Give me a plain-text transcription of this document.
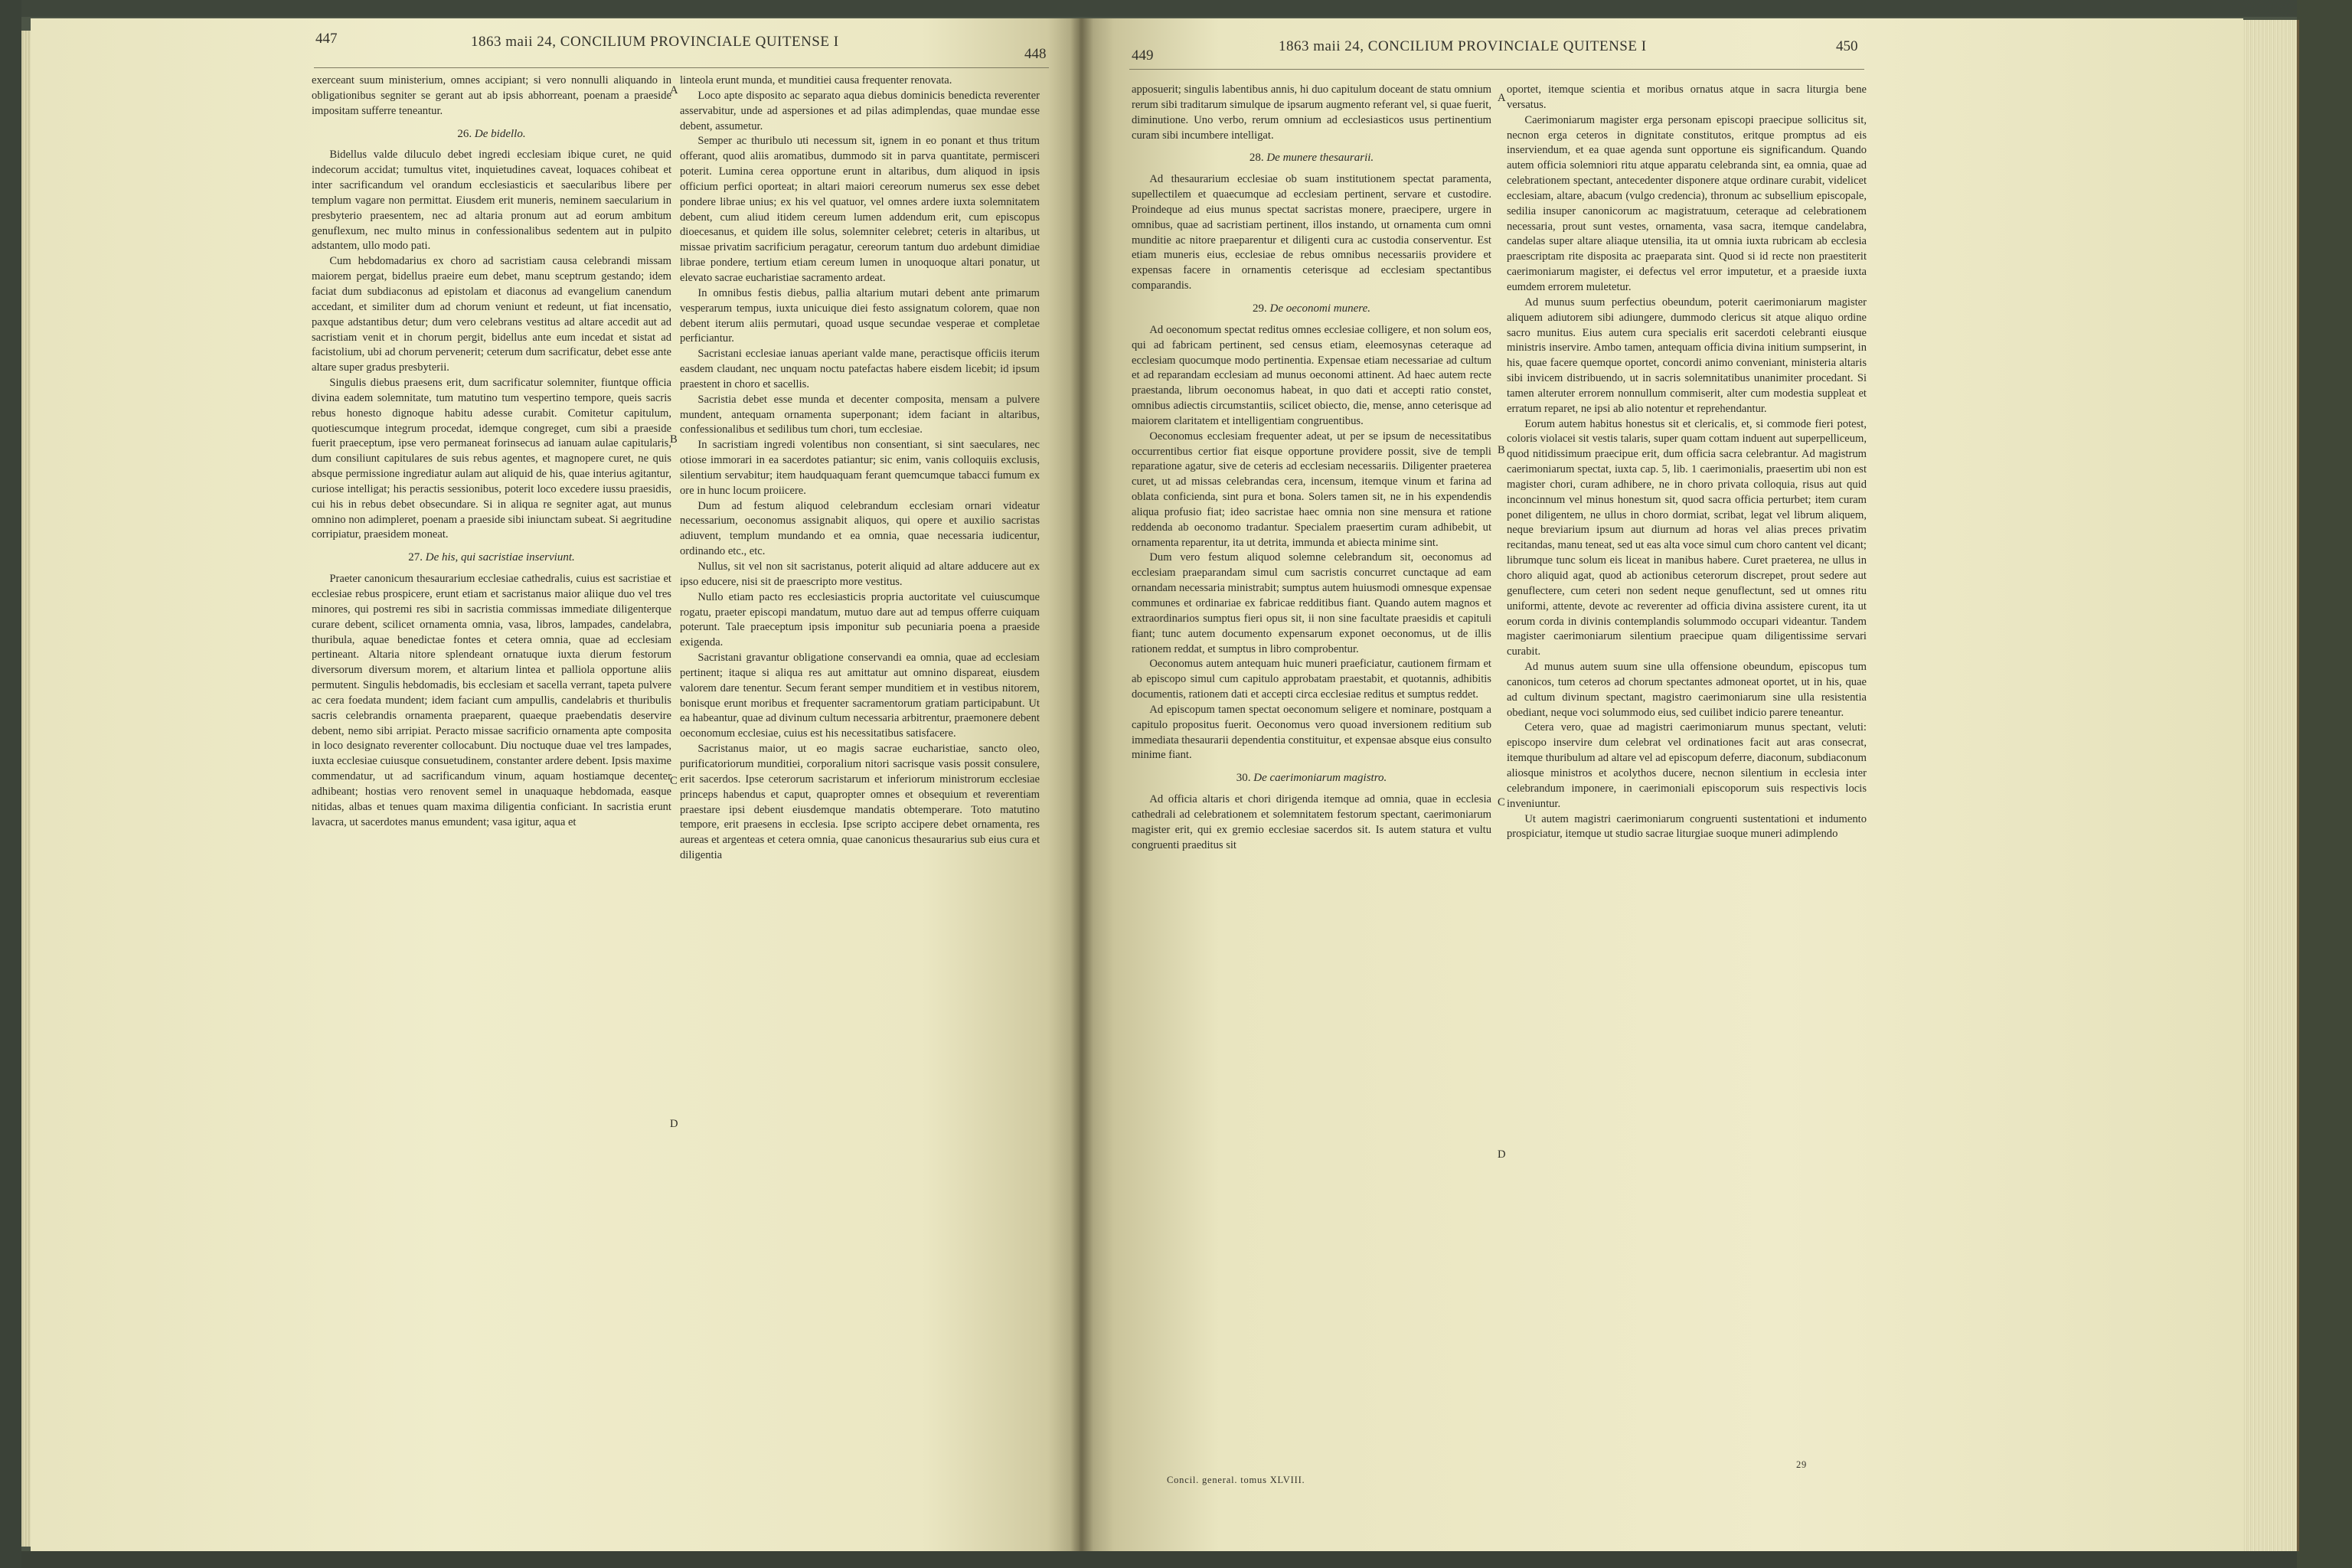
447
448
1863 maii 24, CONCILIUM PROVINCIALE QUITENSE I

exerceant suum ministerium, omnes accipiant; si vero nonnulli aliquando in obligationibus segniter se gerant aut ab ipsis abhorreant, poenam a praeside impositam sufferre teneantur.

26. De bidello.

Bidellus valde diluculo debet ingredi ecclesiam ibique curet, ne quid indecorum accidat; tumultus vitet, inquietudines caveat, loquaces cohibeat et inter sacrificandum vel orandum ecclesiasticis et saecularibus libere per templum vagare non permittat. Eiusdem erit muneris, neminem saecularium in presbyterio praesentem, nec ad altaria pronum aut ad eorum ambitum genuflexum, nec multo minus in confessionalibus sedentem aut in pulpito adstantem, ullo modo pati.

Cum hebdomadarius ex choro ad sacristiam causa celebrandi missam maiorem pergat, bidellus praeire eum debet, manu sceptrum gestando; idem faciat dum subdiaconus ad epistolam et diaconus ad evangelium canendum accedant, et similiter dum ad chorum veniunt et redeunt, ut fiat incensatio, paxque adstantibus detur; dum vero celebrans vestitus ad altare accedit aut ad sacristiam venit et in chorum pergit, bidellus ante eum incedat et sistat ad facistolium, ubi ad chorum pervenerit; ceterum dum sacrificatur, debet esse ante altare super gradus presbyterii.

Singulis diebus praesens erit, dum sacrificatur solemniter, fiuntque officia divina eadem solemnitate, tum matutino tum vespertino tempore, queis sacris rebus honesto dignoque habitu adesse curabit. Comitetur capitulum, quotiescumque integrum procedat, idemque congreget, cum sibi a praeside fuerit praeceptum, ipse vero permaneat forinsecus ad ianuam aulae capitularis, dum consiliunt capitulares de suis rebus agentes, et magnopere curet, ne quis absque permissione ingrediatur aulam aut aliquid de his, quae interius agitantur, curiose intelligat; his peractis sessionibus, poterit loco excedere iussu praesidis, cui his in rebus debet obsecundare. Si in aliqua re segniter agat, aut munus omnino non adimpleret, poenam a praeside sibi iniunctam subeat. Si aegritudine corripiatur, praesidem moneat.

27. De his, qui sacristiae inserviunt.

Praeter canonicum thesaurarium ecclesiae cathedralis, cuius est sacristiae et ecclesiae rebus prospicere, erunt etiam et sacristanus maior aliique duo vel tres minores, qui postremi res sibi in sacristia commissas immediate diligenterque curare debent, scilicet ornamenta omnia, vasa, libros, lampades, candelabra, thuribula, aquae benedictae fontes et cetera omnia, quae ad ecclesiam pertineant. Altaria nitore splendeant ornatuque iuxta dierum festorum diversorum diversum morem, et altarium lintea et palliola opportune aliis permutent. Singulis hebdomadis, bis ecclesiam et sacella verrant, tapeta pulvere ac cera foedata mundent; idem faciant cum ampullis, candelabris et thuribulis sacris celebrandis ornamenta praeparent, quaeque praebendatis deservire debent, nemo sibi arripiat. Peracto missae sacrificio ornamenta apte composita in loco designato reverenter collocabunt. Diu noctuque duae vel tres lampades, iuxta ecclesiae cuiusque consuetudinem, constanter ardere debent. Ipsis maxime commendatur, ut ad sacrificandum vinum, aquam hostiamque decenter adhibeant; hostias vero renovent semel in unaquaque hebdomada, easque nitidas, albas et tenues quam maxima diligentia conficiant. In sacristia erunt lavacra, ut sacerdotes manus emundent; vasa igitur, aqua et

linteola erunt munda, et munditiei causa frequenter renovata.

Loco apte disposito ac separato aqua diebus dominicis benedicta reverenter asservabitur, unde ad aspersiones et ad pilas adimplendas, quae mundae esse debent, assumetur.

Semper ac thuribulo uti necessum sit, ignem in eo ponant et thus tritum offerant, quod aliis aromatibus, dummodo sit in parva quantitate, permisceri poterit. Lumina cerea opportune erunt in altaribus, dum aliquod in ipsis officium perfici oporteat; in altari maiori cereorum numerus sex esse debet pondere librae unius; ex his vel quatuor, vel omnes ardere iuxta solemnitatem debent, cum aliud itidem cereum lumen addendum erit, cum episcopus dioecesanus, et quidem ille solus, solemniter celebret; ceteris in altaribus, ut missae privatim sacrificium peragatur, cereorum tantum duo ardebunt dimidiae librae pondere, tertium etiam cereum lumen in unoquoque altari ponatur, ut elevato sacrae eucharistiae sacramento ardeat.

In omnibus festis diebus, pallia altarium mutari debent ante primarum vesperarum tempus, iuxta unicuique diei festo assignatum colorem, quae non debent iterum aliis permutari, quoad usque secundae vesperae et completae perficiantur.

Sacristani ecclesiae ianuas aperiant valde mane, peractisque officiis iterum easdem claudant, nec unquam noctu patefactas habere eisdem licebit; id ipsum praestent in choro et sacellis.

Sacristia debet esse munda et decenter composita, mensam a pulvere mundent, antequam ornamenta superponant; idem faciant in altaribus, confessionalibus et sedilibus tum chori, tum ecclesiae.

In sacristiam ingredi volentibus non consentiant, si sint saeculares, nec otiose immorari in ea sacerdotes patiantur; sic enim, vanis colloquiis exclusis, silentium servabitur; item haudquaquam ferant quemcumque tabacci fumum ex ore in hunc locum proiicere.

Dum ad festum aliquod celebrandum ecclesiam ornari videatur necessarium, oeconomus assignabit aliquos, qui opere et auxilio sacristas adiuvent, templum mundando et ea omnia, quae necessaria iudicentur, ordinando etc., etc.

Nullus, sit vel non sit sacristanus, poterit aliquid ad altare adducere aut ex ipso educere, nisi sit de praescripto more vestitus.

Nullo etiam pacto res ecclesiasticis propria auctoritate vel cuiuscumque rogatu, praeter episcopi mandatum, mutuo dare aut ad tempus offerre cuiquam poterunt. Tale praeceptum ipsis imponitur sub pecuniaria poena a praeside exigenda.

Sacristani gravantur obligatione conservandi ea omnia, quae ad ecclesiam pertinent; itaque si aliqua res aut amittatur aut omnino dispareat, eiusdem valorem dare tenentur. Secum ferant semper munditiem et in vestibus nitorem, bonisque erunt moribus et frequenter sacramentorum gratiam participabunt. Ut ea habeantur, quae ad divinum cultum necessaria arbitrentur, praemonere debent oeconomum ecclesiae, cuius est his necessitatibus satisfacere.

Sacristanus maior, ut eo magis sacrae eucharistiae, sancto oleo, purificatoriorum munditiei, corporalium nitori sacrisque vasis possit consulere, erit sacerdos. Ipse ceterorum sacristarum et inferiorum ministrorum ecclesiae princeps habendus et caput, quapropter omnes et obsequium et reverentiam praestare ipsi debent eiusdemque mandatis obtemperare. Toto matutino tempore, erit praesens in ecclesia. Ipse scripto accipere debet ornamenta, res aureas et argenteas et cetera omnia, quae canonicus thesaurarius sub eius cura et diligentia

449
450
1863 maii 24, CONCILIUM PROVINCIALE QUITENSE I

apposuerit; singulis labentibus annis, hi duo capitulum doceant de statu omnium rerum sibi traditarum simulque de ipsarum augmento referant vel, si quae fuerit, diminutione. Uno verbo, rerum omnium ad ecclesiasticos usus pertinentium curam sibi incumbere intelligat.

28. De munere thesaurarii.

Ad thesaurarium ecclesiae ob suam institutionem spectat paramenta, supellectilem et quaecumque ad ecclesiam pertinent, servare et custodire. Proindeque ad eius munus spectat sacristas monere, praecipere, urgere in omnibus, quae ad sacristiam pertinent, illos instando, ut ornamenta cum omni munditie ac nitore praeparentur et diligenti cura ac custodia conserventur. Est etiam muneris eius, ecclesiae de rebus omnibus necessariis providere et expensas facere in ornamentis ceterisque ad ecclesiam spectantibus comparandis.

29. De oeconomi munere.

Ad oeconomum spectat reditus omnes ecclesiae colligere, et non solum eos, qui ad fabricam pertinent, sed census etiam, eleemosynas ceteraque ad ecclesiam quocumque modo pertinentia. Expensae etiam necessariae ad cultum et ad reparandam ecclesiam ad munus oeconomi attinent. Ad haec autem recte praestanda, librum oeconomus habeat, in quo dati et accepti ratio constet, omnibus adiectis circumstantiis, scilicet obiecto, die, mense, anno ceterisque ad maiorem claritatem et intelligentiam congruentibus.

Oeconomus ecclesiam frequenter adeat, ut per se ipsum de necessitatibus occurrentibus certior fiat eisque opportune providere possit, sive de templi reparatione agatur, sive de ceteris ad ecclesiam necessariis. Diligenter praeterea curet, ut ad missas celebrandas cera, incensum, itemque vinum et farina ad oblata conficienda, sint pura et bona. Solers tamen sit, ne in his expendendis aliqua profusio fiat; ideo sacristae haec omnia non sine mensura et ratione reddenda ab oeconomo tradantur. Specialem praesertim curam adhibebit, ut ornamenta reparentur, ita ut detrita, immunda et abiecta minime sint.

Dum vero festum aliquod solemne celebrandum sit, oeconomus ad ecclesiam praeparandam simul cum sacristis concurret cunctaque ad eam ornandam necessaria ministrabit; sumptus autem huiusmodi omnesque expensae communes et ordinariae ex fabricae redditibus fiant. Quando autem magnos et extraordinarios sumptus fieri opus sit, ii non sine facultate praesidis et capituli fiant; tunc autem documento expensarum exponet oeconomus, ut de illis rationem reddat, et sumptus in libro comprobentur.

Oeconomus autem antequam huic muneri praeficiatur, cautionem firmam et ab episcopo simul cum capitulo approbatam praestabit, et quotannis, adhibitis documentis, rationem dati et accepti circa ecclesiae reditus et sumptus reddet.

Ad episcopum tamen spectat oeconomum seligere et nominare, postquam a capitulo propositus fuerit. Oeconomus vero quoad inversionem reditium sub immediata thesaurarii dependentia constituitur, et expensae absque eius consulto minime fiant.

30. De caerimoniarum magistro.

Ad officia altaris et chori dirigenda itemque ad omnia, quae in ecclesia cathedrali ad celebrationem et solemnitatem festorum spectant, caerimoniarum magister erit, qui ex gremio ecclesiae sacerdos sit. Is autem statura et vultu congruenti praeditus sit

oportet, itemque scientia et moribus ornatus atque in sacra liturgia bene versatus.

Caerimoniarum magister erga personam episcopi praecipue sollicitus sit, necnon erga ceteros in dignitate constitutos, eritque promptus ad eis inserviendum, et ea quae agenda sunt opportune eis significandum. Quando autem officia solemniori ritu atque apparatu celebranda sint, ea omnia, quae ad celebrationem spectant, antecedenter disponere atque ordinare curabit, videlicet ecclesiam, altare, abacum (vulgo credencia), thronum ac subsellium episcopale, sedilia insuper canonicorum ac magistratuum, ceteraque ad celebrationem necessaria, prout sunt vestes, ornamenta, vasa sacra, itemque candelabra, candelas super altare aliaque utensilia, ita ut omnia iuxta rubricam ab ecclesia praescriptam rite disposita ac praeparata sint. Quod si id recte non praestiterit caerimoniarum magister, ei defectus vel error imputetur, et a praeside iuxta eumdem errorem muletetur.

Ad munus suum perfectius obeundum, poterit caerimoniarum magister aliquem adiutorem sibi adiungere, dummodo clericus sit atque aliquo ordine sacro munitus. Eius autem cura specialis erit sacerdoti celebranti eiusque ministris inservire. Ambo tamen, antequam officia divina initium sumpserint, in his, quae facere quemque oportet, concordi animo conveniant, ministeria altaris sibi invicem distribuendo, ut in sacris solemnitatibus unanimiter procedant. Si tamen alteruter errorem nonnullum commiserit, alter cum modestia suppleat et erratum reparet, ne ipsi ab alio notentur et reprehendantur.

Eorum autem habitus honestus sit et clericalis, et, si commode fieri potest, coloris violacei sit vestis talaris, super quam cottam induent aut superpelliceum, quod nitidissimum praecipue erit, dum officia sacra celebrantur. Ad magistrum caerimoniarum spectat, iuxta cap. 5, lib. 1 caerimonialis, praesertim ubi non est magister chori, curam adhibere, ne in choro privata colloquia, risus aut quid inconcinnum vel minus honestum sit, quod sacra officia perturbet; item curam ponet diligentem, ne ullus in choro dormiat, scribat, legat vel librum aliquem, neque breviarium ipsum aut diurnum ad horas vel alias preces privatim recitandas, manu teneat, sed ut eas alta voce simul cum choro cantent vel dicant; librumque tunc solum eis liceat in manibus habere. Curet praeterea, ne ullus in choro aliquid agat, quod ab actionibus ceterorum discrepet, prout sedere aut genuflectere, cum ceteri non sedent neque genuflectunt, sed ut omnes ritu uniformi, attente, devote ac reverenter ad officia divina assistere curent, ita ut eorum corda in divinis contemplandis solummodo occupari videantur. Tandem magister caerimoniarum silentium praecipue quam diligentissime servari curabit.

Ad munus autem suum sine ulla offensione obeundum, episcopus tum canonicos, tum ceteros ad chorum spectantes admoneat oportet, ut in his, quae ad cultum divinum spectant, magistro caerimoniarum sine ulla resistentia obediant, neque voci solummodo eius, sed cuilibet indicio parere teneantur.

Cetera vero, quae ad magistri caerimoniarum munus spectant, veluti: episcopo inservire dum celebrat vel ordinationes facit aut aras consecrat, itemque thuribulum ad altare vel ad episcopum deferre, diaconum, subdiaconum aliosque ministros et acolythos ducere, necnon silentium in ecclesia inter celebrandum imponere, in caerimoniali episcoporum suis respectivis locis inveniuntur.

Ut autem magistri caerimoniarum congruenti sustentationi et indumento prospiciatur, itemque ut studio sacrae liturgiae suoque muneri adimplendo

Concil. general. tomus XLVIII.
29
A
B
C
D
A
B
C
D
